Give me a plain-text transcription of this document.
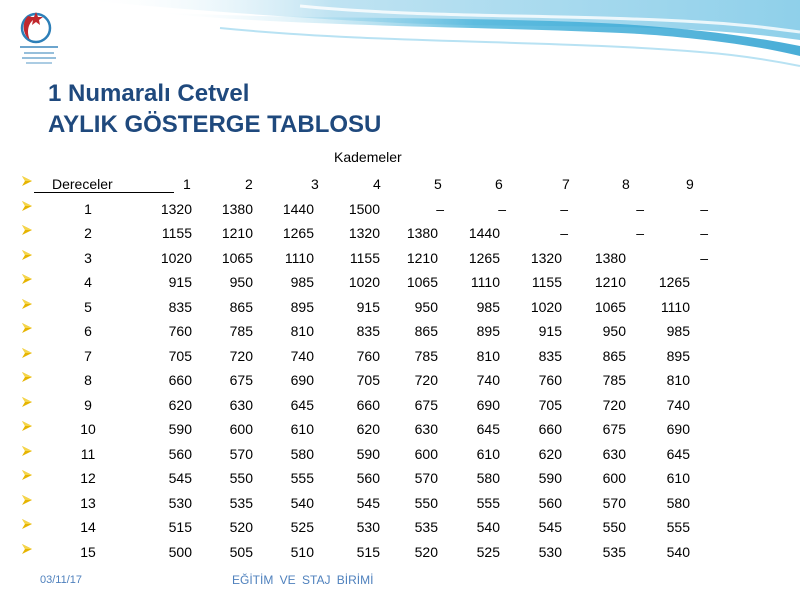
1 Numaralı Cetvel
AYLIK GÖSTERGE TABLOSU
Kademeler
Dereceler	1	2	3	4	5	6	7	8	9
1	1320	1380	1440	1500	–	–	–	–	–
2	1155	1210	1265	1320	1380	1440	–	–	–
3	1020	1065	1110	1155	1210	1265	1320	1380	–
4	915	950	985	1020	1065	1110	1155	1210	1265
5	835	865	895	915	950	985	1020	1065	1110
6	760	785	810	835	865	895	915	950	985
7	705	720	740	760	785	810	835	865	895
8	660	675	690	705	720	740	760	785	810
9	620	630	645	660	675	690	705	720	740
10	590	600	610	620	630	645	660	675	690
11	560	570	580	590	600	610	620	630	645
12	545	550	555	560	570	580	590	600	610
13	530	535	540	545	550	555	560	570	580
14	515	520	525	530	535	540	545	550	555
15	500	505	510	515	520	525	530	535	540
03/11/17	EĞİTİM VE STAJ BİRİMİ
